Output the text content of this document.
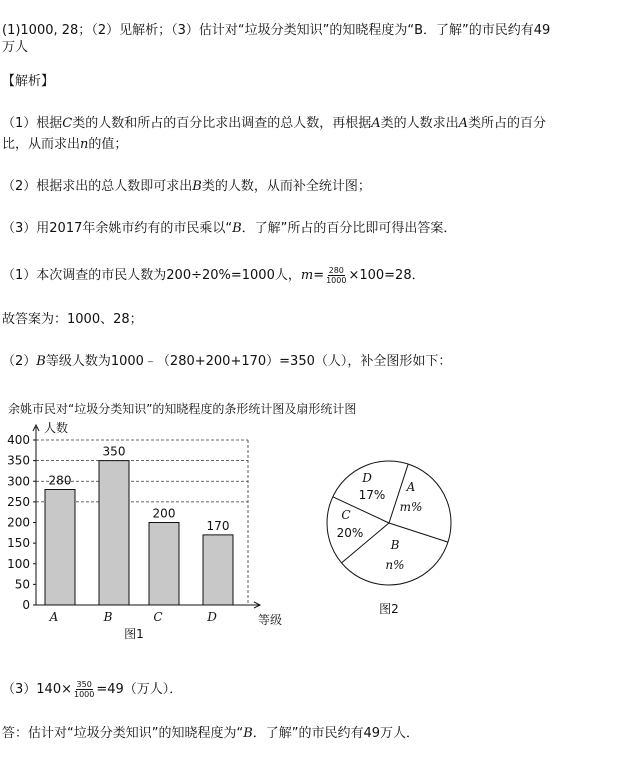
(1)1000, 28；（2）见解析；（3）估计对“垃圾分类知识”的知晓程度为“B．了解”的市民约有49
万人
【解析】
（1）根据C类的人数和所占的百分比求出调查的总人数，再根据A类的人数求出A类所占的百分
比，从而求出n的值；
（2）根据求出的总人数即可求出B类的人数，从而补全统计图；
（3）用2017年余姚市约有的市民乘以“B．了解”所占的百分比即可得出答案．
（1）本次调查的市民人数为200÷20%=1000人，$m= \frac{280}{1000} \times 100=28$．
故答案为：1000、28；
（2）B等级人数为1000﹣（280+200+170）=350（人），补全图形如下：
余姚市民对“垃圾分类知识”的知晓程度的条形统计图及扇形统计图
0
50
100
150
200
250
300
350
400
人数
等级
280
A
350
B
200
C
170
D
图1
A
m%
B
n%
C
20%
D
17%
图2
$(3)140\times \frac{350}{1000} =49$（万人）．
答：估计对“垃圾分类知识”的知晓程度为“B．了解”的市民约有49万人．
